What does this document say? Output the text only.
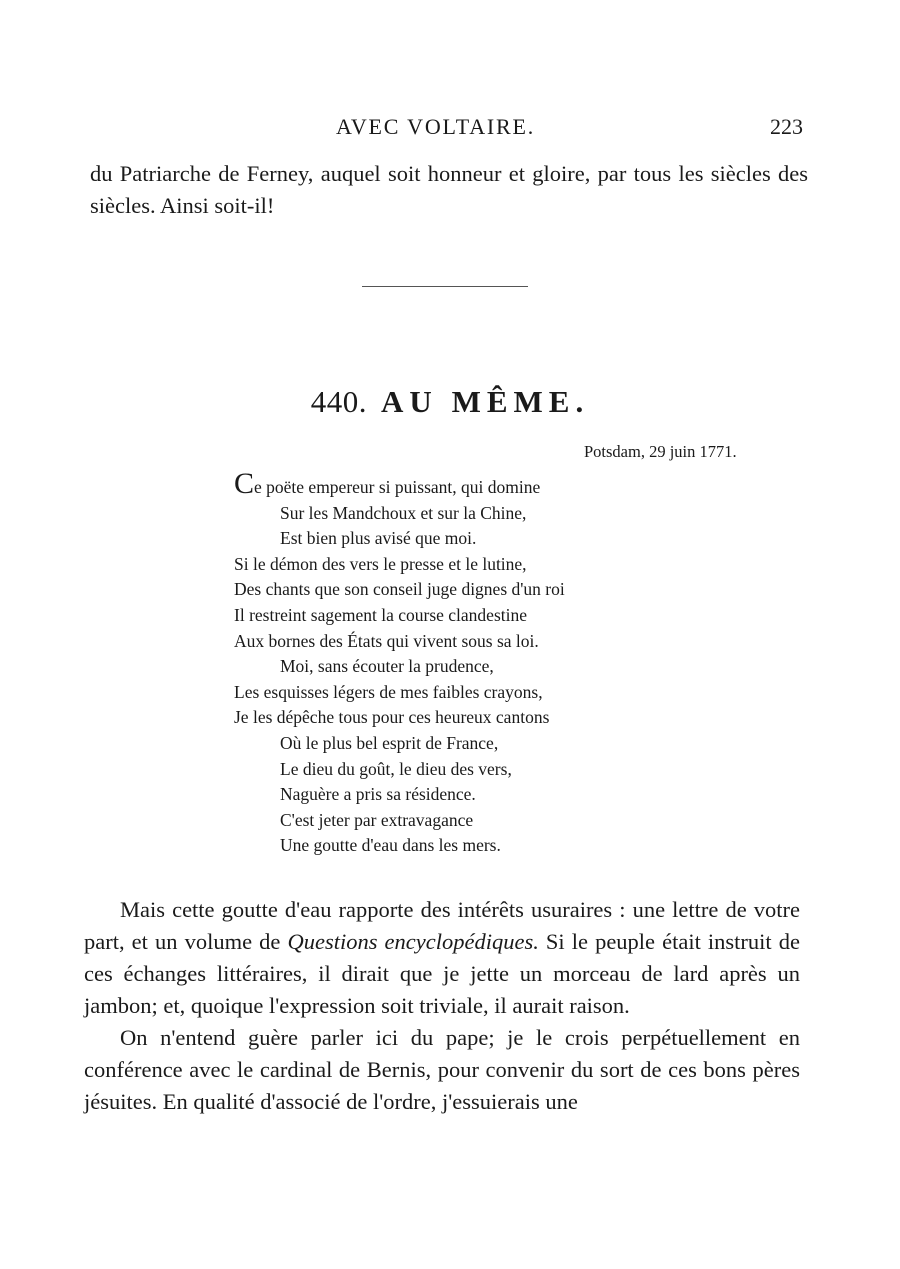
AVEC VOLTAIRE.	223

du Patriarche de Ferney, auquel soit honneur et gloire, par tous les siècles des siècles. Ainsi soit-il!

440. AU MÊME.
Potsdam, 29 juin 1771.
Ce poëte empereur si puissant, qui domine
Sur les Mandchoux et sur la Chine,
Est bien plus avisé que moi.
Si le démon des vers le presse et le lutine,
Des chants que son conseil juge dignes d'un roi
Il restreint sagement la course clandestine
Aux bornes des États qui vivent sous sa loi.
Moi, sans écouter la prudence,
Les esquisses légers de mes faibles crayons,
Je les dépêche tous pour ces heureux cantons
Où le plus bel esprit de France,
Le dieu du goût, le dieu des vers,
Naguère a pris sa résidence.
C'est jeter par extravagance
Une goutte d'eau dans les mers.

Mais cette goutte d'eau rapporte des intérêts usuraires : une lettre de votre part, et un volume de Questions encyclopédiques. Si le peuple était instruit de ces échanges littéraires, il dirait que je jette un morceau de lard après un jambon; et, quoique l'expression soit triviale, il aurait raison.

On n'entend guère parler ici du pape; je le crois perpétuellement en conférence avec le cardinal de Bernis, pour convenir du sort de ces bons pères jésuites. En qualité d'associé de l'ordre, j'essuierais une
